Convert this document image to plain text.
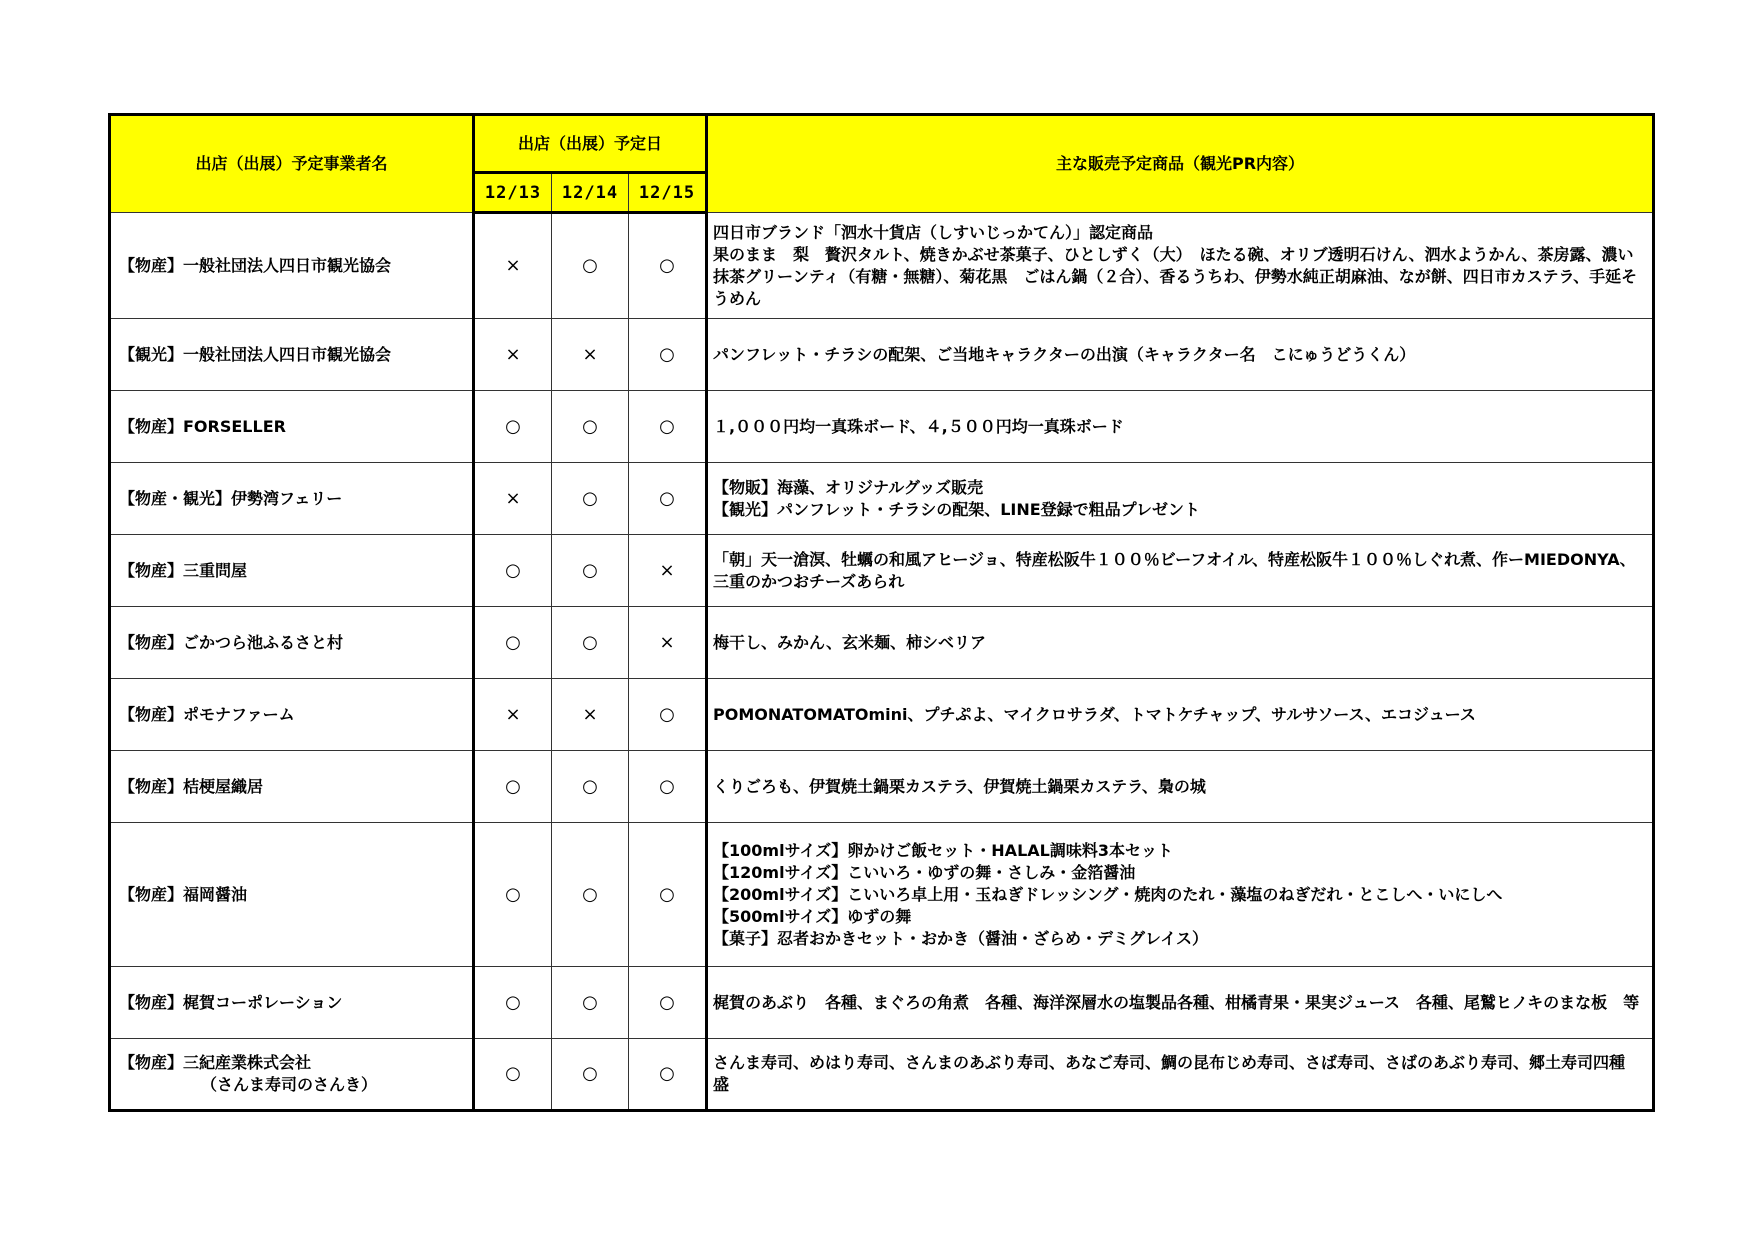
出店（出展）予定事業者名	出店（出展）予定日			主な販売予定商品（観光PR内容）
	12/13	12/14	12/15	
【物産】一般社団法人四日市観光協会	×	○	○	四日市ブランド「泗水十貨店（しすいじっかてん）」認定商品
果のまま　梨　贅沢タルト、焼きかぶせ茶菓子、ひとしずく（大）　ほたる碗、オリブ透明石けん、泗水ようかん、茶房露、濃い抹茶グリーンティ（有糖・無糖）、菊花黒　ごはん鍋（２合）、香るうちわ、伊勢水純正胡麻油、なが餅、四日市カステラ、手延そうめん

【観光】一般社団法人四日市観光協会	×	×	○	パンフレット・チラシの配架、ご当地キャラクターの出演（キャラクター名　こにゅうどうくん）

【物産】FORSELLER	○	○	○	１,０００円均一真珠ボード、４,５００円均一真珠ボード

【物産・観光】伊勢湾フェリー	×	○	○	【物販】海藻、オリジナルグッズ販売
【観光】パンフレット・チラシの配架、LINE登録で粗品プレゼント

【物産】三重問屋	○	○	×	「朝」天一滄溟、牡蠣の和風アヒージョ、特産松阪牛１００％ビーフオイル、特産松阪牛１００％しぐれ煮、作ーMIEDONYA、三重のかつおチーズあられ

【物産】ごかつら池ふるさと村	○	○	×	梅干し、みかん、玄米麺、柿シベリア

【物産】ポモナファーム	×	×	○	POMONATOMATOmini、プチぷよ、マイクロサラダ、トマトケチャップ、サルサソース、エコジュース

【物産】桔梗屋織居	○	○	○	くりごろも、伊賀焼土鍋栗カステラ、伊賀焼土鍋栗カステラ、梟の城

【物産】福岡醤油	○	○	○	【100mlサイズ】卵かけご飯セット・HALAL調味料3本セット
【120mlサイズ】こいいろ・ゆずの舞・さしみ・金箔醤油
【200mlサイズ】こいいろ卓上用・玉ねぎドレッシング・焼肉のたれ・藻塩のねぎだれ・とこしへ・いにしへ
【500mlサイズ】ゆずの舞
【菓子】忍者おかきセット・おかき（醤油・ざらめ・デミグレイス）

【物産】梶賀コーポレーション	○	○	○	梶賀のあぶり　各種、まぐろの角煮　各種、海洋深層水の塩製品各種、柑橘青果・果実ジュース　各種、尾鷲ヒノキのまな板　等

【物産】三紀産業株式会社
（さんま寿司のさんき）	○	○	○	さんま寿司、めはり寿司、さんまのあぶり寿司、あなご寿司、鯛の昆布じめ寿司、さば寿司、さばのあぶり寿司、郷土寿司四種盛
